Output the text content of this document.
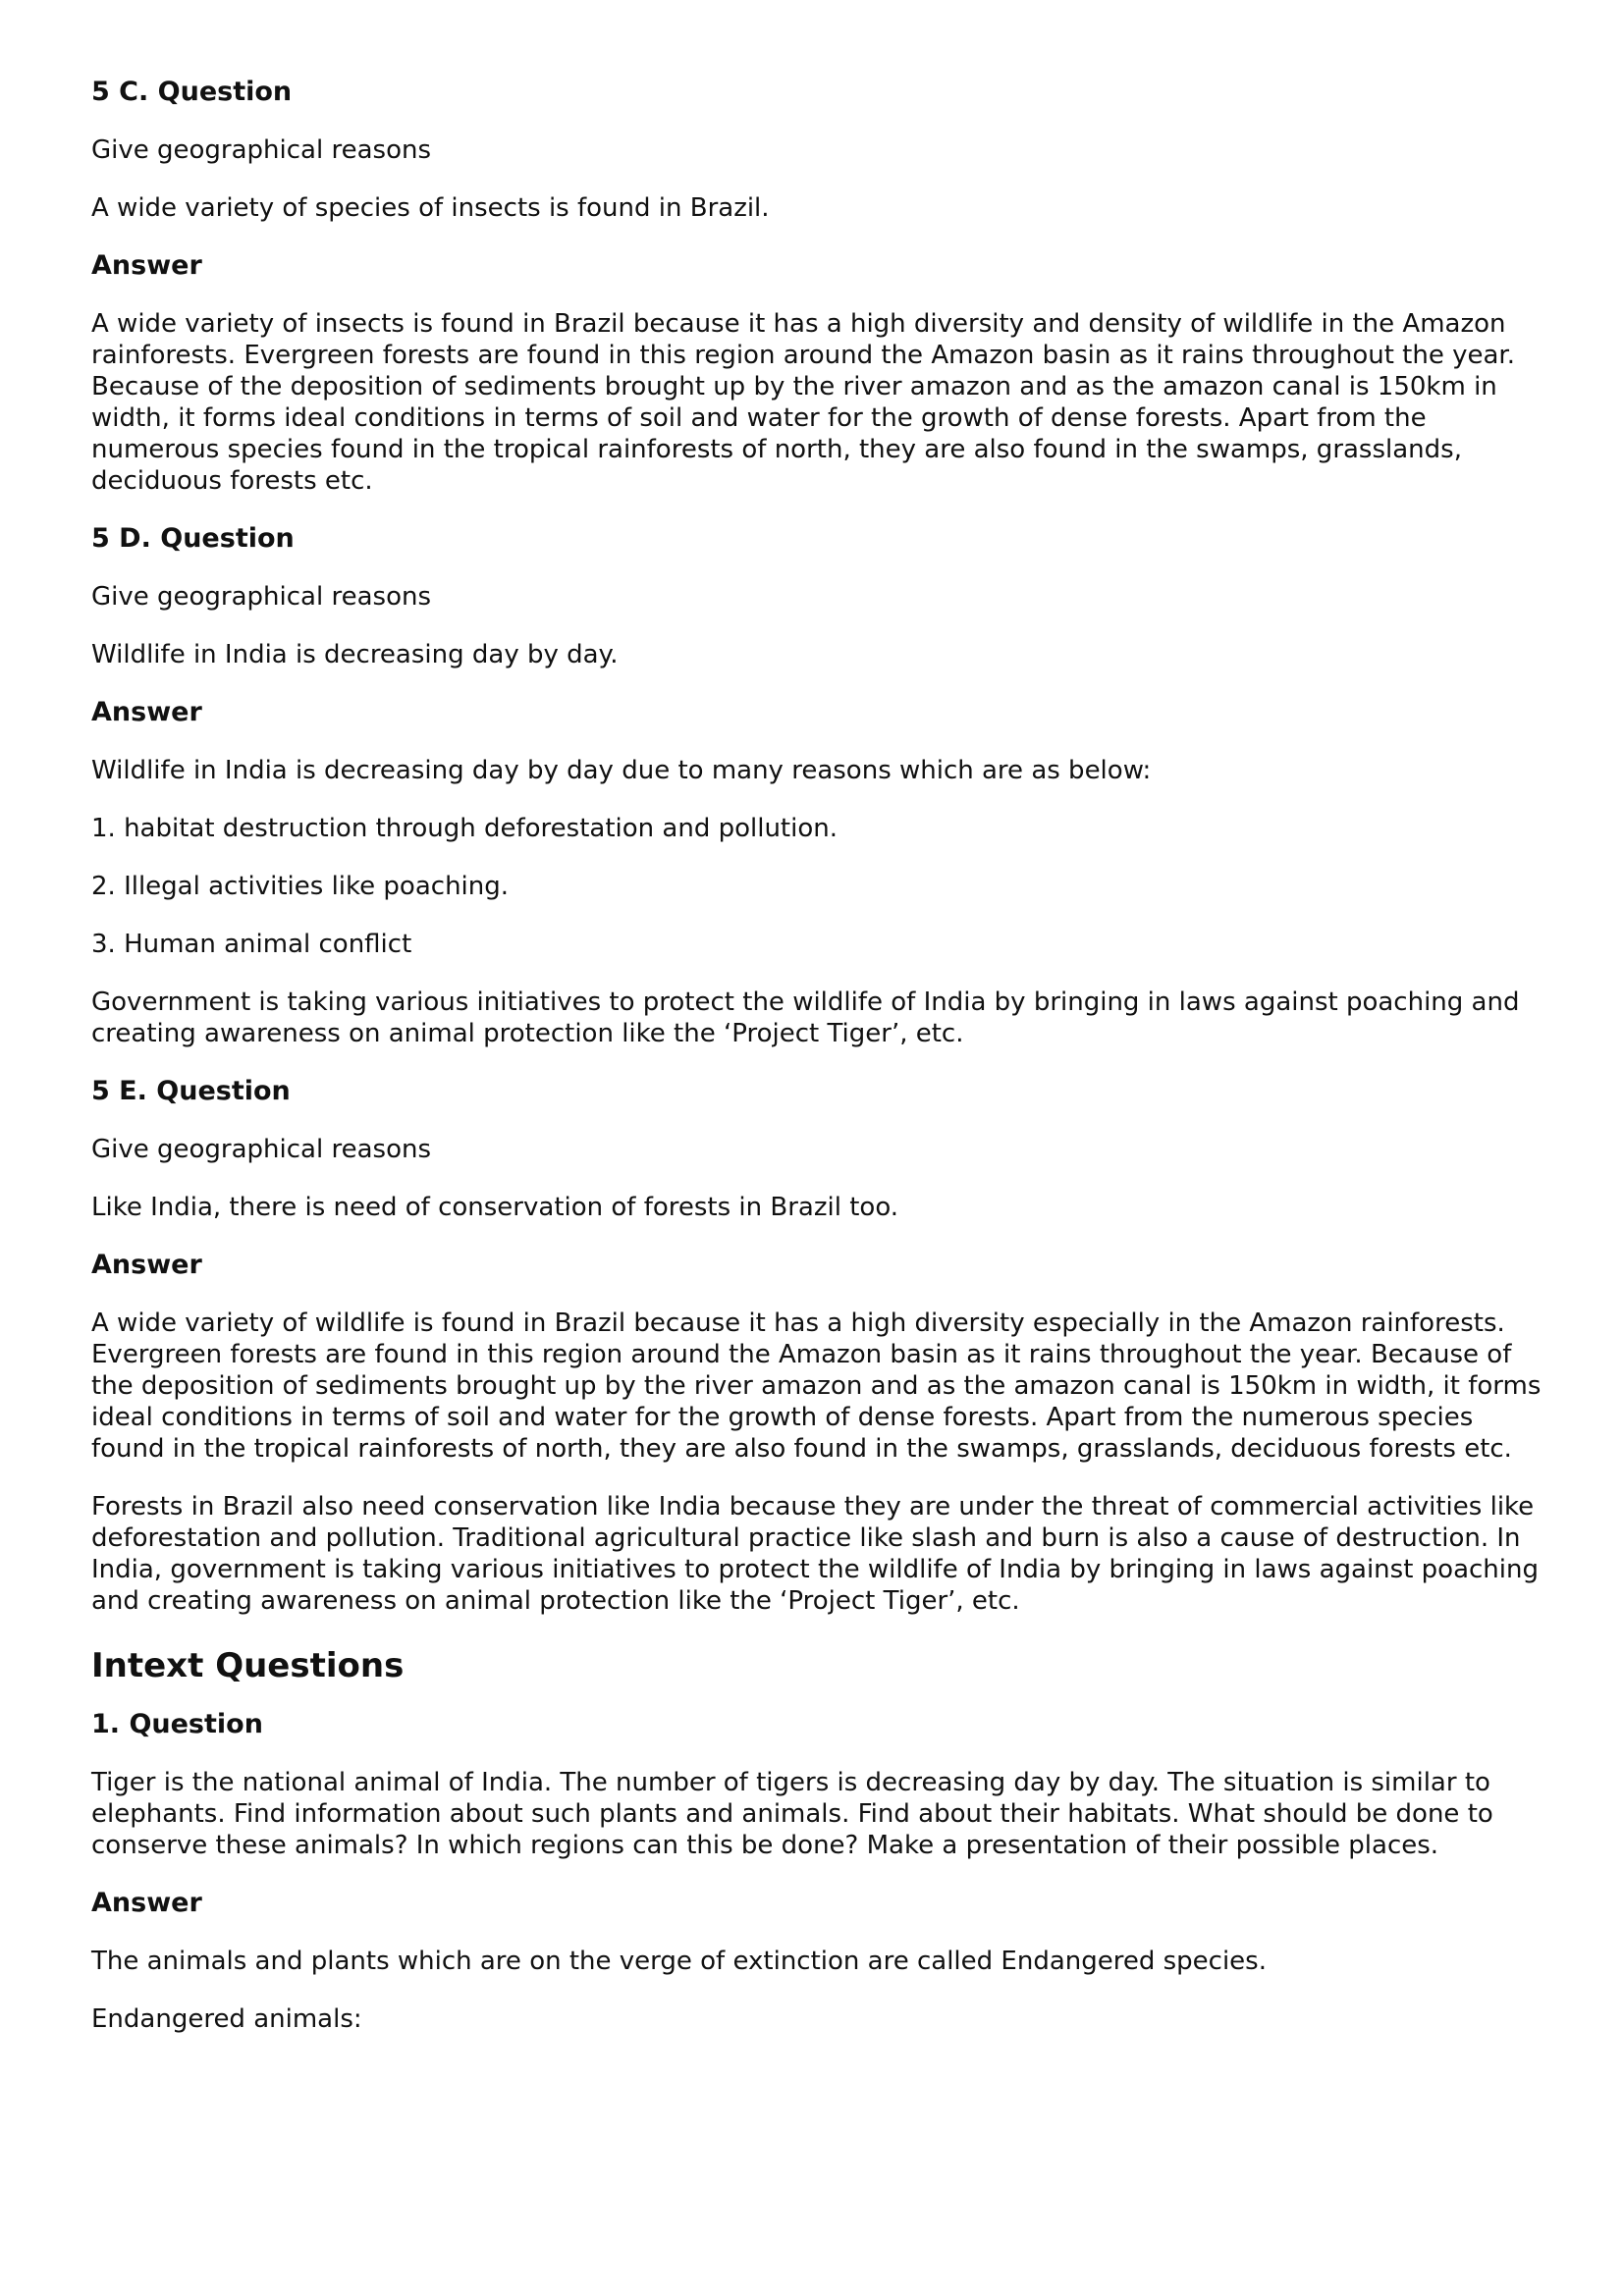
5 C. Question
Give geographical reasons
A wide variety of species of insects is found in Brazil.
Answer
A wide variety of insects is found in Brazil because it has a high diversity and density of wildlife in the Amazon rainforests. Evergreen forests are found in this region around the Amazon basin as it rains throughout the year. Because of the deposition of sediments brought up by the river amazon and as the amazon canal is 150km in width, it forms ideal conditions in terms of soil and water for the growth of dense forests. Apart from the numerous species found in the tropical rainforests of north, they are also found in the swamps, grasslands, deciduous forests etc.
5 D. Question
Give geographical reasons
Wildlife in India is decreasing day by day.
Answer
Wildlife in India is decreasing day by day due to many reasons which are as below:
1. habitat destruction through deforestation and pollution.
2. Illegal activities like poaching.
3. Human animal conflict
Government is taking various initiatives to protect the wildlife of India by bringing in laws against poaching and creating awareness on animal protection like the ‘Project Tiger’, etc.
5 E. Question
Give geographical reasons
Like India, there is need of conservation of forests in Brazil too.
Answer
A wide variety of wildlife is found in Brazil because it has a high diversity especially in the Amazon rainforests. Evergreen forests are found in this region around the Amazon basin as it rains throughout the year. Because of the deposition of sediments brought up by the river amazon and as the amazon canal is 150km in width, it forms ideal conditions in terms of soil and water for the growth of dense forests. Apart from the numerous species found in the tropical rainforests of north, they are also found in the swamps, grasslands, deciduous forests etc.
Forests in Brazil also need conservation like India because they are under the threat of commercial activities like deforestation and pollution. Traditional agricultural practice like slash and burn is also a cause of destruction. In India, government is taking various initiatives to protect the wildlife of India by bringing in laws against poaching and creating awareness on animal protection like the ‘Project Tiger’, etc.
Intext Questions
1. Question
Tiger is the national animal of India. The number of tigers is decreasing day by day. The situation is similar to elephants. Find information about such plants and animals. Find about their habitats. What should be done to conserve these animals? In which regions can this be done? Make a presentation of their possible places.
Answer
The animals and plants which are on the verge of extinction are called Endangered species.
Endangered animals:
